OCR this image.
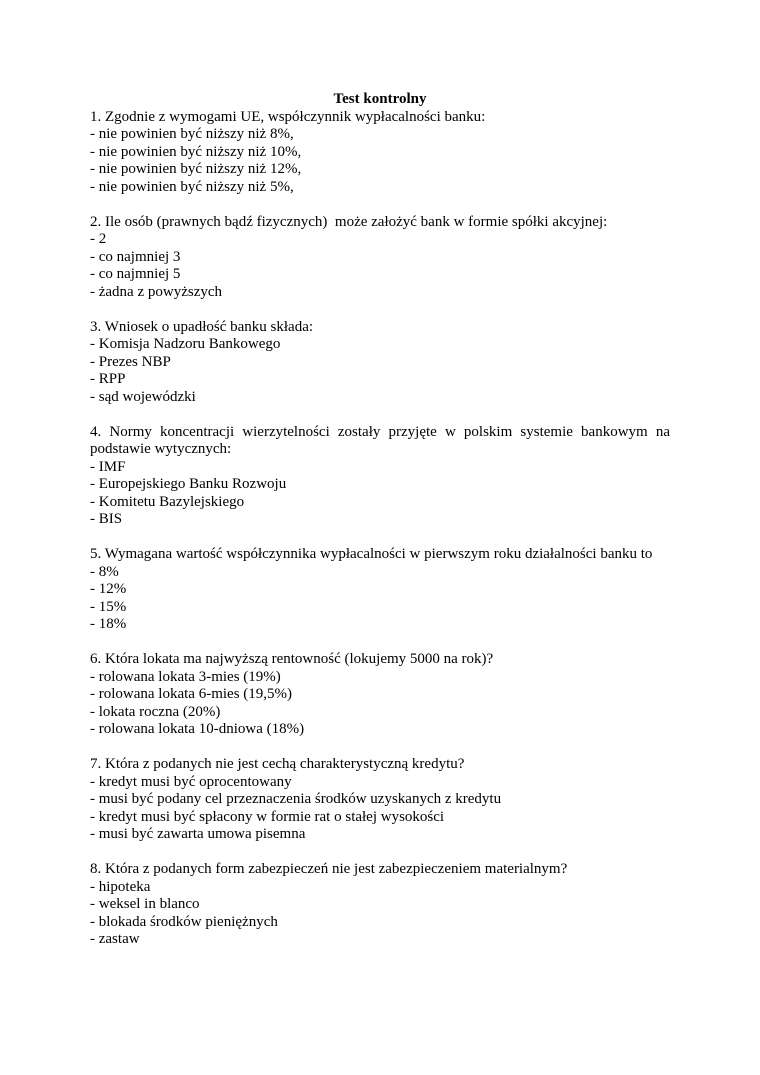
Test kontrolny

1. Zgodnie z wymogami UE, współczynnik wypłacalności banku:

- nie powinien być niższy niż 8%,

- nie powinien być niższy niż 10%,

- nie powinien być niższy niż 12%,

- nie powinien być niższy niż 5%,

2. Ile osób (prawnych bądź fizycznych)  może założyć bank w formie spółki akcyjnej:

- 2

- co najmniej 3

- co najmniej 5

- żadna z powyższych

3. Wniosek o upadłość banku składa:

- Komisja Nadzoru Bankowego

- Prezes NBP

- RPP

- sąd wojewódzki

4. Normy koncentracji wierzytelności zostały przyjęte w polskim systemie bankowym na podstawie wytycznych:

- IMF

- Europejskiego Banku Rozwoju

- Komitetu Bazylejskiego

- BIS

5. Wymagana wartość współczynnika wypłacalności w pierwszym roku działalności banku to

- 8%

- 12%

- 15%

- 18%

6. Która lokata ma najwyższą rentowność (lokujemy 5000 na rok)?

- rolowana lokata 3-mies (19%)

- rolowana lokata 6-mies (19,5%)

- lokata roczna (20%)

- rolowana lokata 10-dniowa (18%)

7. Która z podanych nie jest cechą charakterystyczną kredytu?

- kredyt musi być oprocentowany

- musi być podany cel przeznaczenia środków uzyskanych z kredytu

- kredyt musi być spłacony w formie rat o stałej wysokości

- musi być zawarta umowa pisemna

8. Która z podanych form zabezpieczeń nie jest zabezpieczeniem materialnym?

- hipoteka

- weksel in blanco

- blokada środków pieniężnych

- zastaw
